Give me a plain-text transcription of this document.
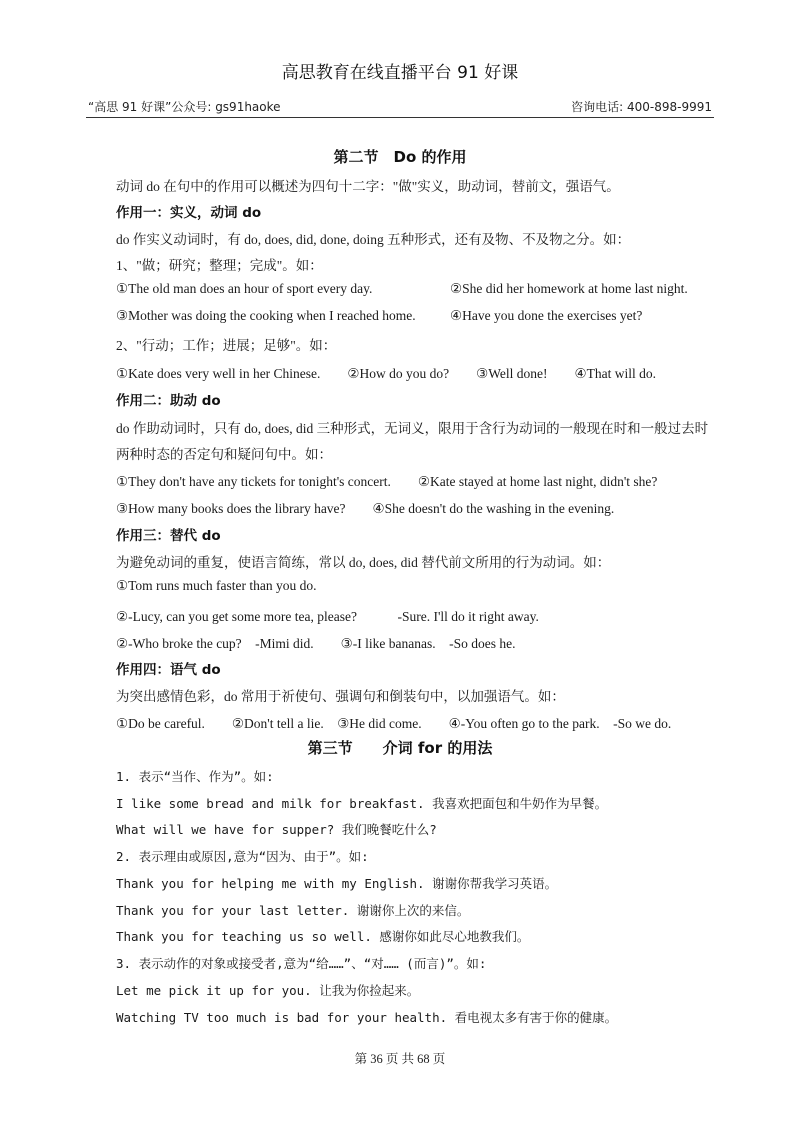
高思教育在线直播平台 91 好课
“高思 91 好课”公众号: gs91haoke	咨询电话: 400-898-9991
第二节　Do 的作用
动词 do 在句中的作用可以概述为四句十二字："做"实义，助动词，替前文，强语气。
作用一：实义，动词 do
do 作实义动词时，有 do, does, did, done, doing 五种形式，还有及物、不及物之分。如：
1、"做；研究；整理；完成"。如：
①The old man does an hour of sport every day.	②She did her homework at home last night.
③Mother was doing the cooking when I reached home.	④Have you done the exercises yet?
2、"行动；工作；进展；足够"。如：
①Kate does very well in her Chinese.　　②How do you do?　　③Well done!　　④That will do.
作用二：助动 do
do 作助动词时，只有 do, does, did 三种形式，无词义，限用于含行为动词的一般现在时和一般过去时两种时态的否定句和疑问句中。如：
①They don't have any tickets for tonight's concert.　　②Kate stayed at home last night, didn't she?
③How many books does the library have?　　④She doesn't do the washing in the evening.
作用三：替代 do
为避免动词的重复，使语言简练，常以 do, does, did 替代前文所用的行为动词。如：
①Tom runs much faster than you do.
②-Lucy, can you get some more tea, please?　　　-Sure. I'll do it right away.
②-Who broke the cup?　-Mimi did.　　③-I like bananas.　-So does he.
作用四：语气 do
为突出感情色彩，do 常用于祈使句、强调句和倒装句中，以加强语气。如：
①Do be careful.　　②Don't tell a lie.　③He did come.　　④-You often go to the park.　-So we do.
第三节　　介词 for 的用法
1. 表示“当作、作为”。如:
I like some bread and milk for breakfast. 我喜欢把面包和牛奶作为早餐。
What will we have for supper? 我们晚餐吃什么?
2. 表示理由或原因,意为“因为、由于”。如:
Thank you for helping me with my English. 谢谢你帮我学习英语。
Thank you for your last letter. 谢谢你上次的来信。
Thank you for teaching us so well. 感谢你如此尽心地教我们。
3. 表示动作的对象或接受者,意为“给……”、“对…… (而言)”。如:
Let me pick it up for you. 让我为你捡起来。
Watching TV too much is bad for your health. 看电视太多有害于你的健康。
第 36 页 共 68 页
